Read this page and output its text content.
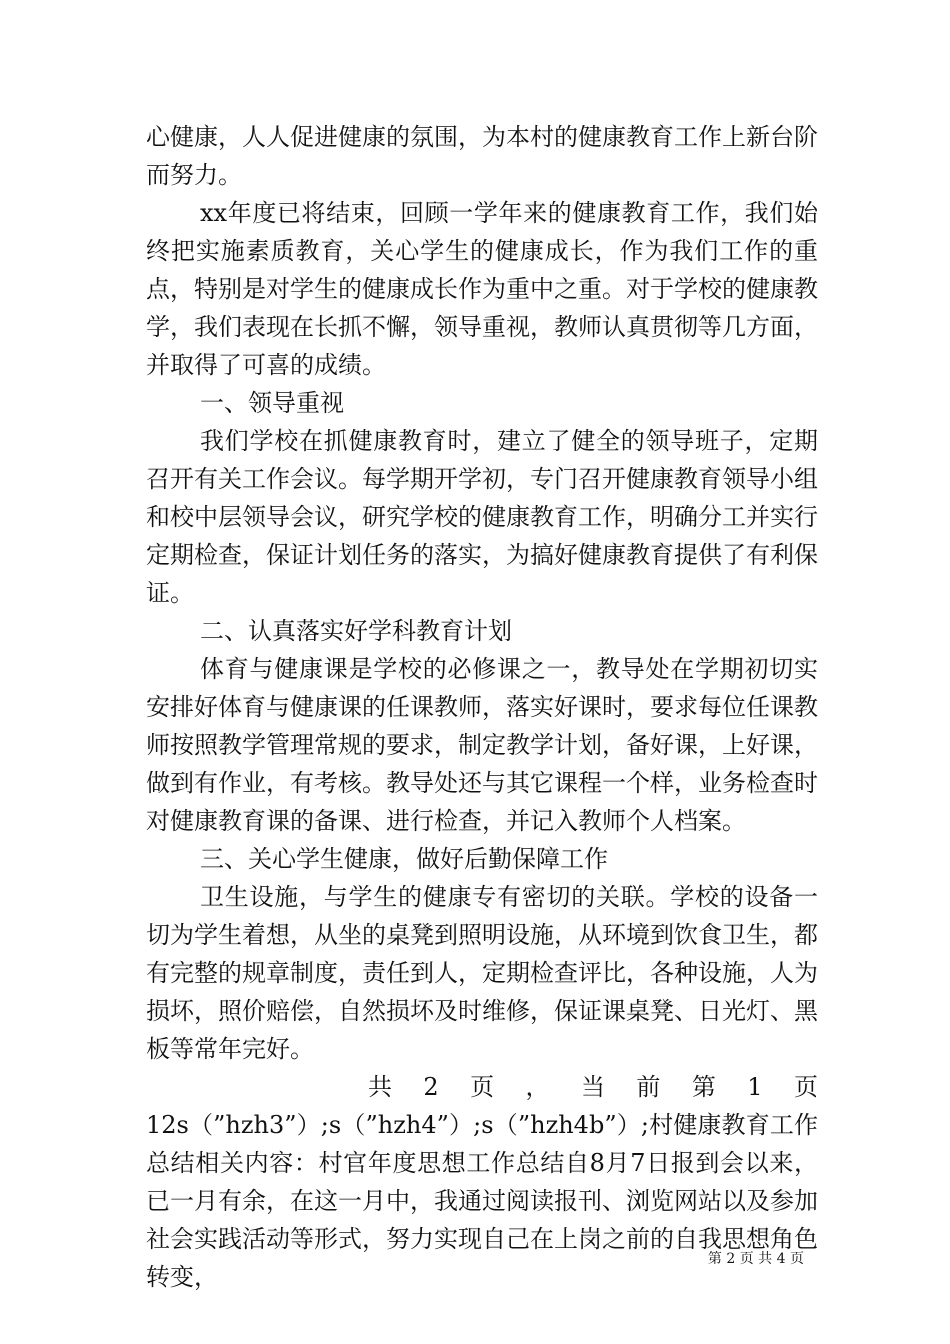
心健康，人人促进健康的氛围，为本村的健康教育工作上新台阶而努力。

xx年度已将结束，回顾一学年来的健康教育工作，我们始终把实施素质教育，关心学生的健康成长，作为我们工作的重点，特别是对学生的健康成长作为重中之重。对于学校的健康教学，我们表现在长抓不懈，领导重视，教师认真贯彻等几方面，并取得了可喜的成绩。

一、领导重视

我们学校在抓健康教育时，建立了健全的领导班子，定期召开有关工作会议。每学期开学初，专门召开健康教育领导小组和校中层领导会议，研究学校的健康教育工作，明确分工并实行定期检查，保证计划任务的落实，为搞好健康教育提供了有利保证。

二、认真落实好学科教育计划

体育与健康课是学校的必修课之一，教导处在学期初切实安排好体育与健康课的任课教师，落实好课时，要求每位任课教师按照教学管理常规的要求，制定教学计划，备好课，上好课，做到有作业，有考核。教导处还与其它课程一个样，业务检查时对健康教育课的备课、进行检查，并记入教师个人档案。

三、关心学生健康，做好后勤保障工作

卫生设施，与学生的健康专有密切的关联。学校的设备一切为学生着想，从坐的桌凳到照明设施，从环境到饮食卫生，都有完整的规章制度，责任到人，定期检查评比，各种设施，人为损坏，照价赔偿，自然损坏及时维修，保证课桌凳、日光灯、黑板等常年完好。

共 2 页 ， 当 前 第 1 页

12s（”hzh3”）;s（”hzh4”）;s（”hzh4b”）;村健康教育工作总结相关内容：村官年度思想工作总结自8月7日报到会以来，已一月有余，在这一月中，我通过阅读报刊、浏览网站以及参加社会实践活动等形式，努力实现自己在上岗之前的自我思想角色转变，

第 2 页 共 4 页
